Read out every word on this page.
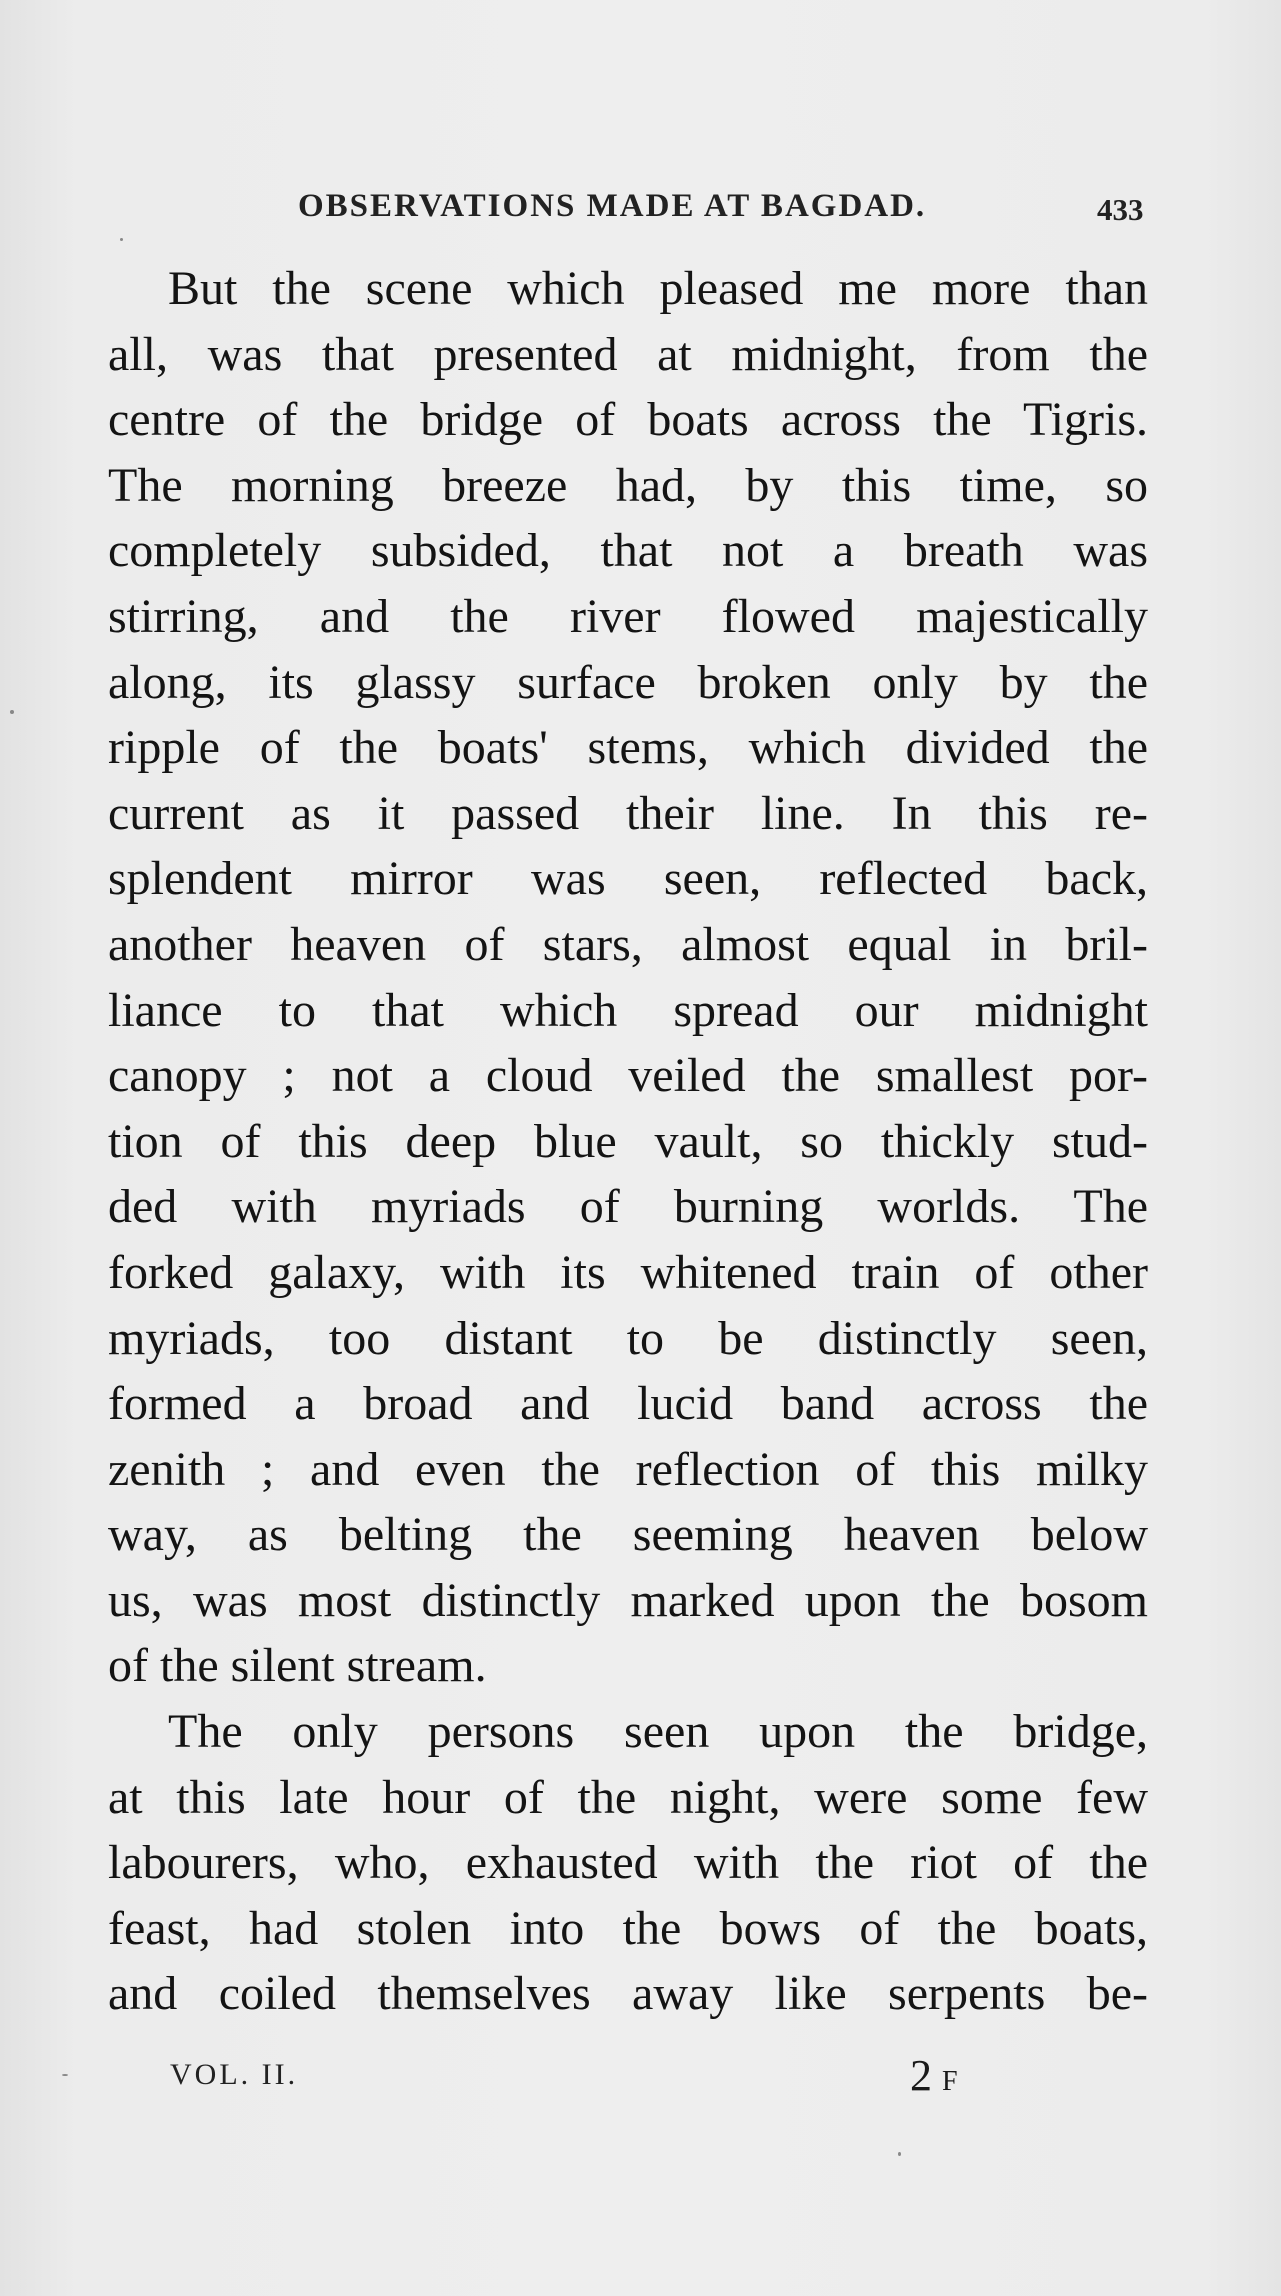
OBSERVATIONS MADE AT BAGDAD.	433
But the scene which pleased me more than
all, was that presented at midnight, from the
centre of the bridge of boats across the Tigris.
The morning breeze had, by this time, so
completely subsided, that not a breath was
stirring, and the river flowed majestically
along, its glassy surface broken only by the
ripple of the boats' stems, which divided the
current as it passed their line. In this re-
splendent mirror was seen, reflected back,
another heaven of stars, almost equal in bril-
liance to that which spread our midnight
canopy ; not a cloud veiled the smallest por-
tion of this deep blue vault, so thickly stud-
ded with myriads of burning worlds. The
forked galaxy, with its whitened train of other
myriads, too distant to be distinctly seen,
formed a broad and lucid band across the
zenith ; and even the reflection of this milky
way, as belting the seeming heaven below
us, was most distinctly marked upon the bosom
of the silent stream.
The only persons seen upon the bridge,
at this late hour of the night, were some few
labourers, who, exhausted with the riot of the
feast, had stolen into the bows of the boats,
and coiled themselves away like serpents be-
VOL. II.	2 F
